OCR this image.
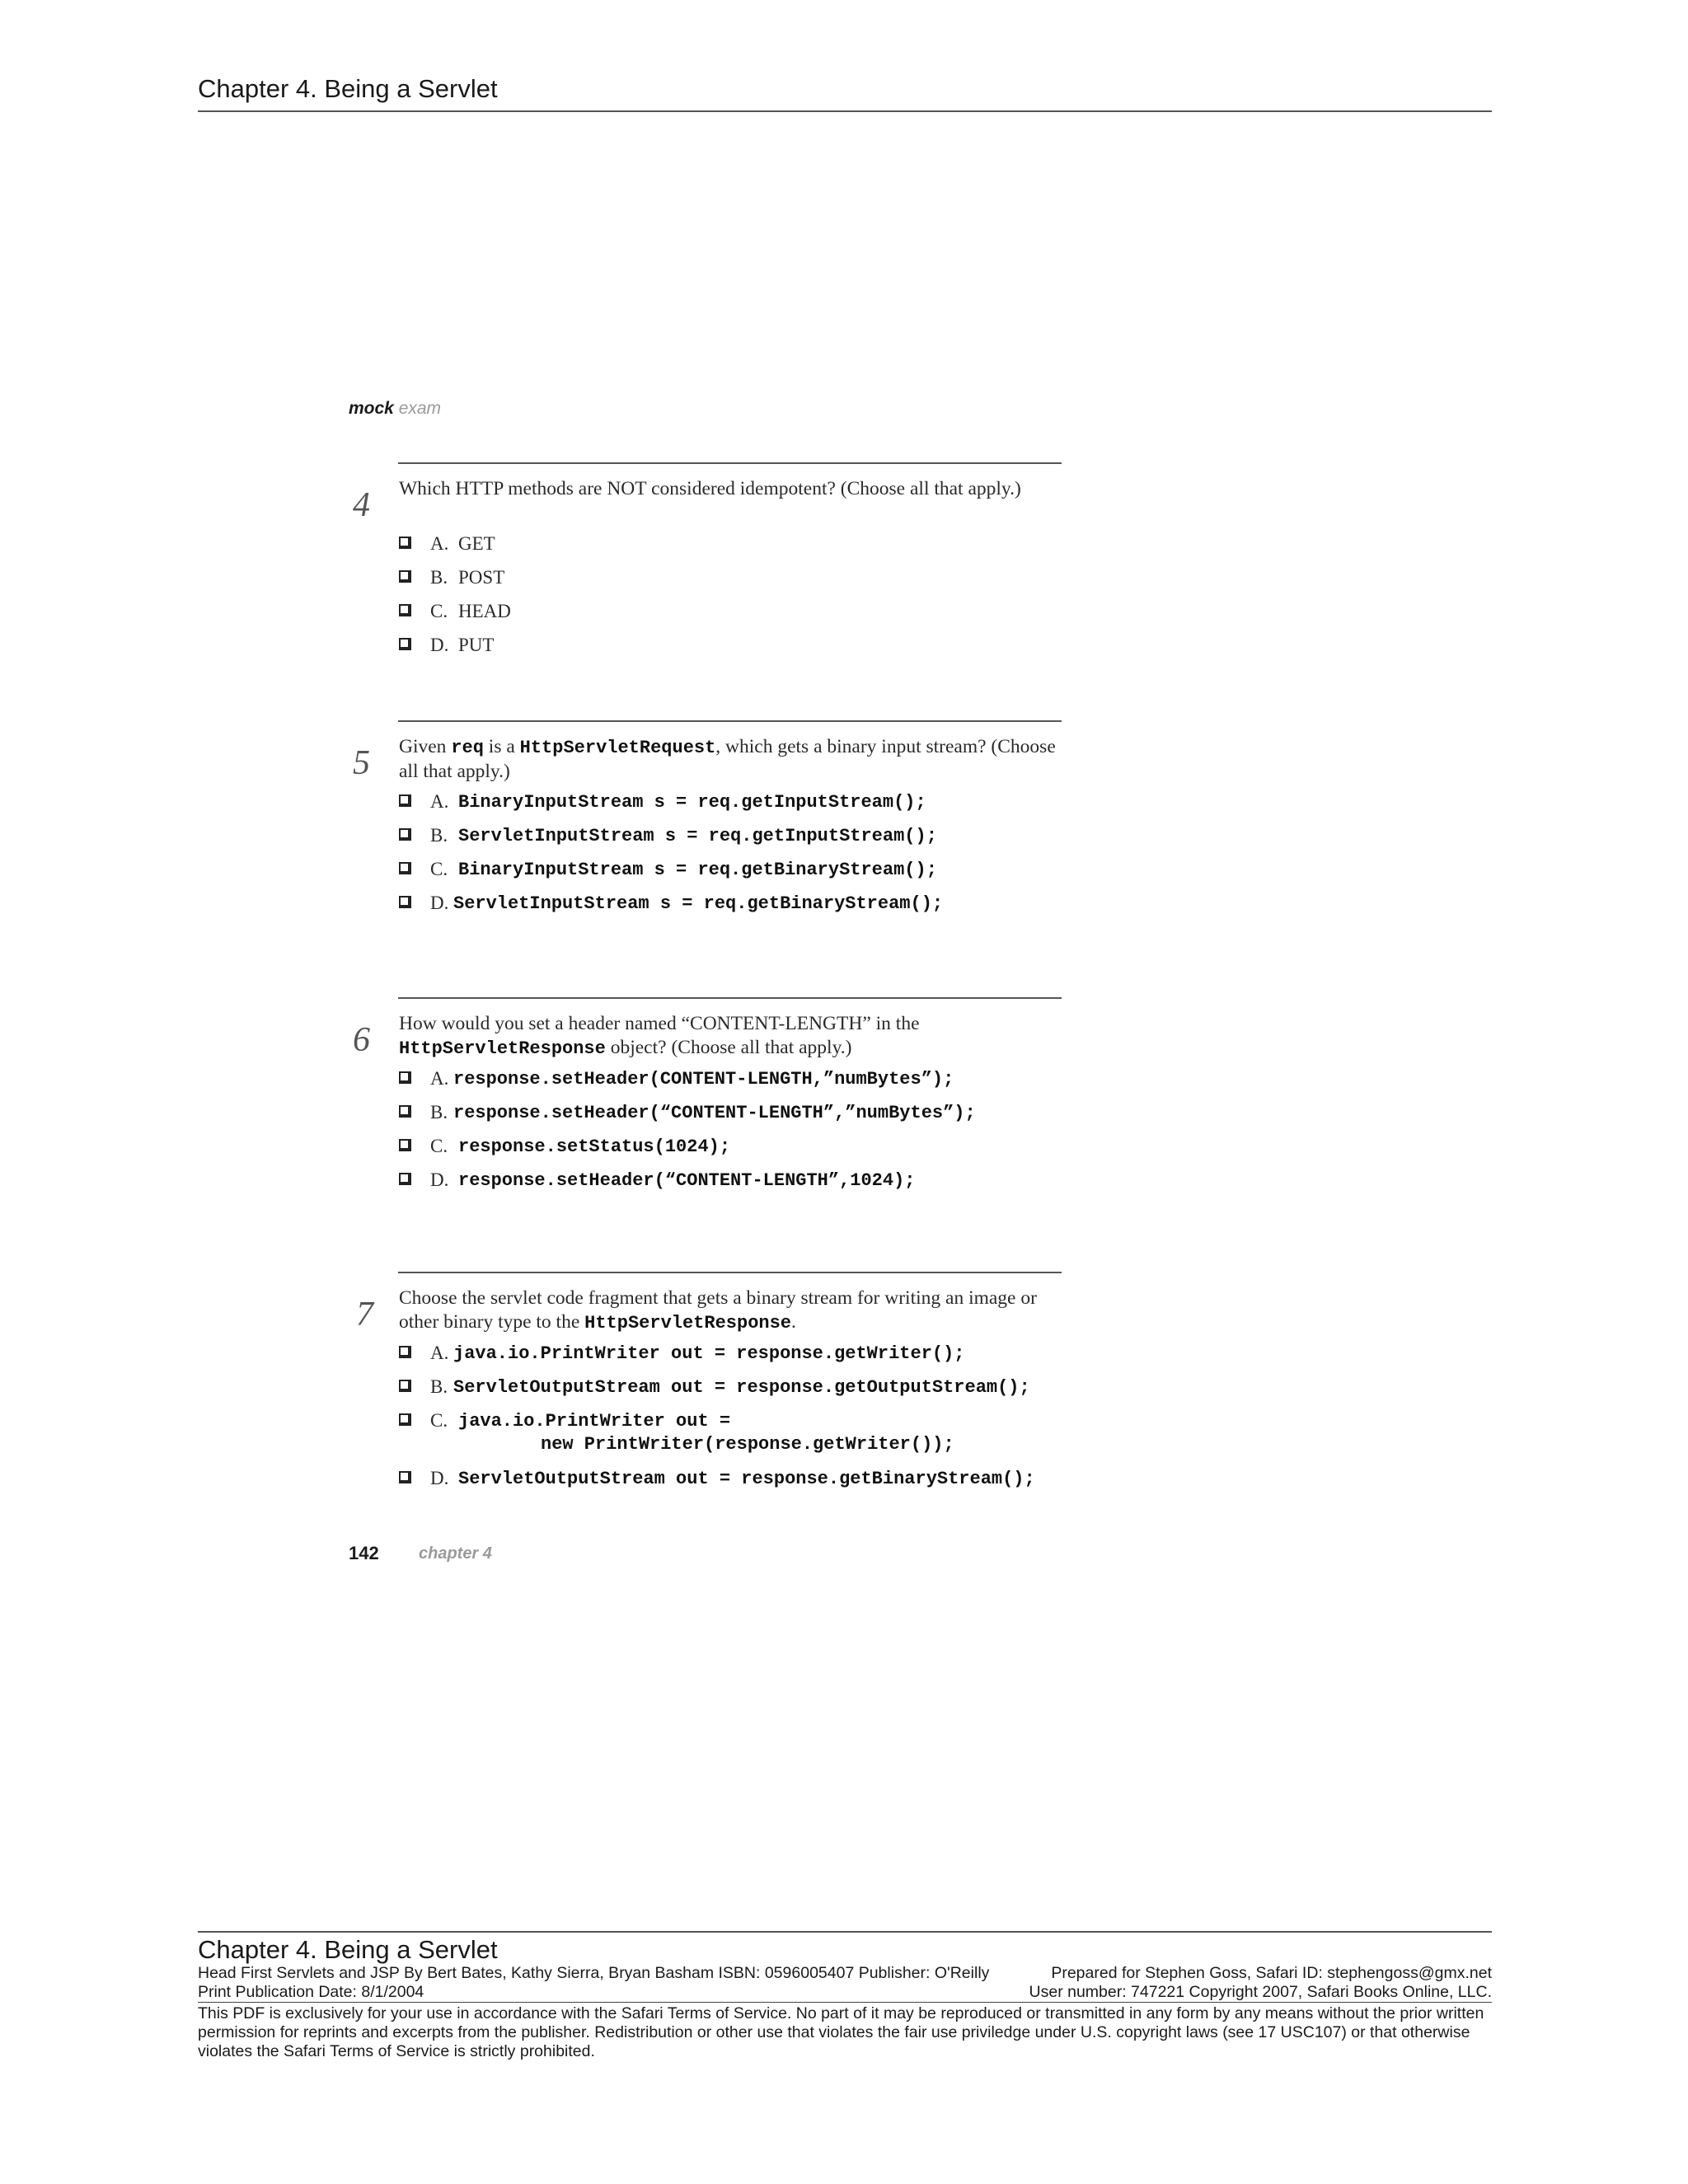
Chapter 4. Being a Servlet
mock exam
4 Which HTTP methods are NOT considered idempotent? (Choose all that apply.)
A. GET
B. POST
C. HEAD
D. PUT
5 Given req is a HttpServletRequest, which gets a binary input stream? (Choose all that apply.)
A. BinaryInputStream s = req.getInputStream();
B. ServletInputStream s = req.getInputStream();
C. BinaryInputStream s = req.getBinaryStream();
D. ServletInputStream s = req.getBinaryStream();
6 How would you set a header named “CONTENT-LENGTH” in the HttpServletResponse object? (Choose all that apply.)
A. response.setHeader(CONTENT-LENGTH,”numBytes”);
B. response.setHeader(“CONTENT-LENGTH”,”numBytes”);
C. response.setStatus(1024);
D. response.setHeader(“CONTENT-LENGTH”,1024);
7 Choose the servlet code fragment that gets a binary stream for writing an image or other binary type to the HttpServletResponse.
A. java.io.PrintWriter out = response.getWriter();
B. ServletOutputStream out = response.getOutputStream();
C. java.io.PrintWriter out =
new PrintWriter(response.getWriter());
D. ServletOutputStream out = response.getBinaryStream();
142 chapter 4
Chapter 4. Being a Servlet
Head First Servlets and JSP By Bert Bates, Kathy Sierra, Bryan Basham ISBN: 0596005407 Publisher: O'Reilly	Prepared for Stephen Goss, Safari ID: stephengoss@gmx.net
Print Publication Date: 8/1/2004	User number: 747221 Copyright 2007, Safari Books Online, LLC.
This PDF is exclusively for your use in accordance with the Safari Terms of Service. No part of it may be reproduced or transmitted in any form by any means without the prior written permission for reprints and excerpts from the publisher. Redistribution or other use that violates the fair use priviledge under U.S. copyright laws (see 17 USC107) or that otherwise violates the Safari Terms of Service is strictly prohibited.
